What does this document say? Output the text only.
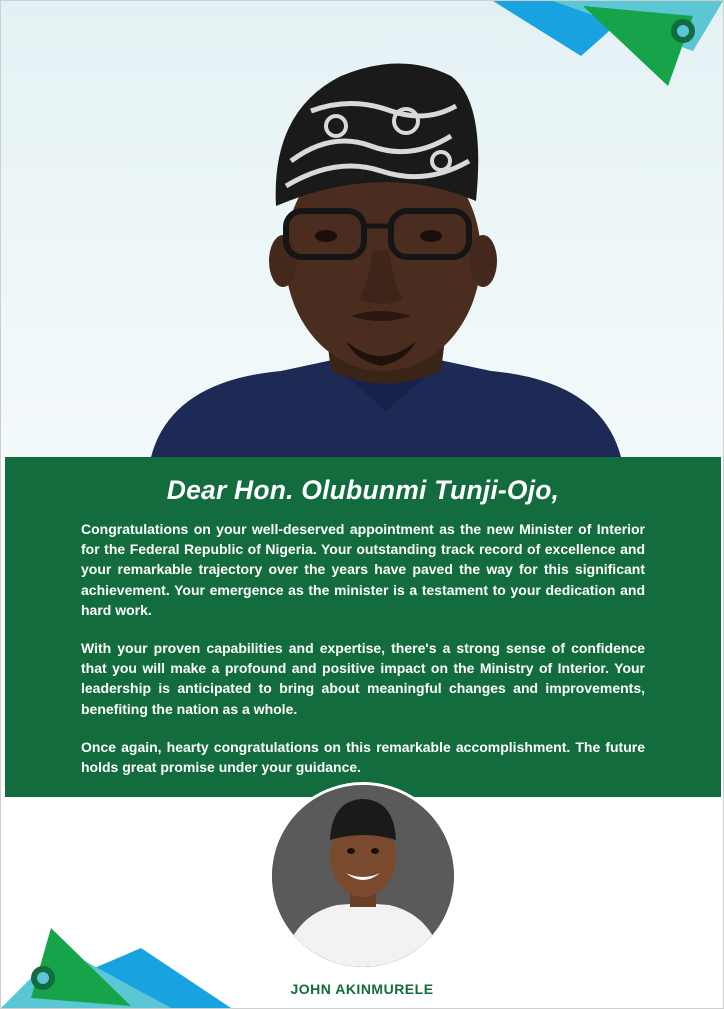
Dear Hon. Olubunmi Tunji-Ojo,

Congratulations on your well-deserved appointment as the new Minister of Interior for the Federal Republic of Nigeria. Your outstanding track record of excellence and your remarkable trajectory over the years have paved the way for this significant achievement. Your emergence as the minister is a testament to your dedication and hard work.

With your proven capabilities and expertise, there's a strong sense of confidence that you will make a profound and positive impact on the Ministry of Interior. Your leadership is anticipated to bring about meaningful changes and improvements, benefiting the nation as a whole.

Once again, hearty congratulations on this remarkable accomplishment. The future holds great promise under your guidance.

JOHN AKINMURELE
